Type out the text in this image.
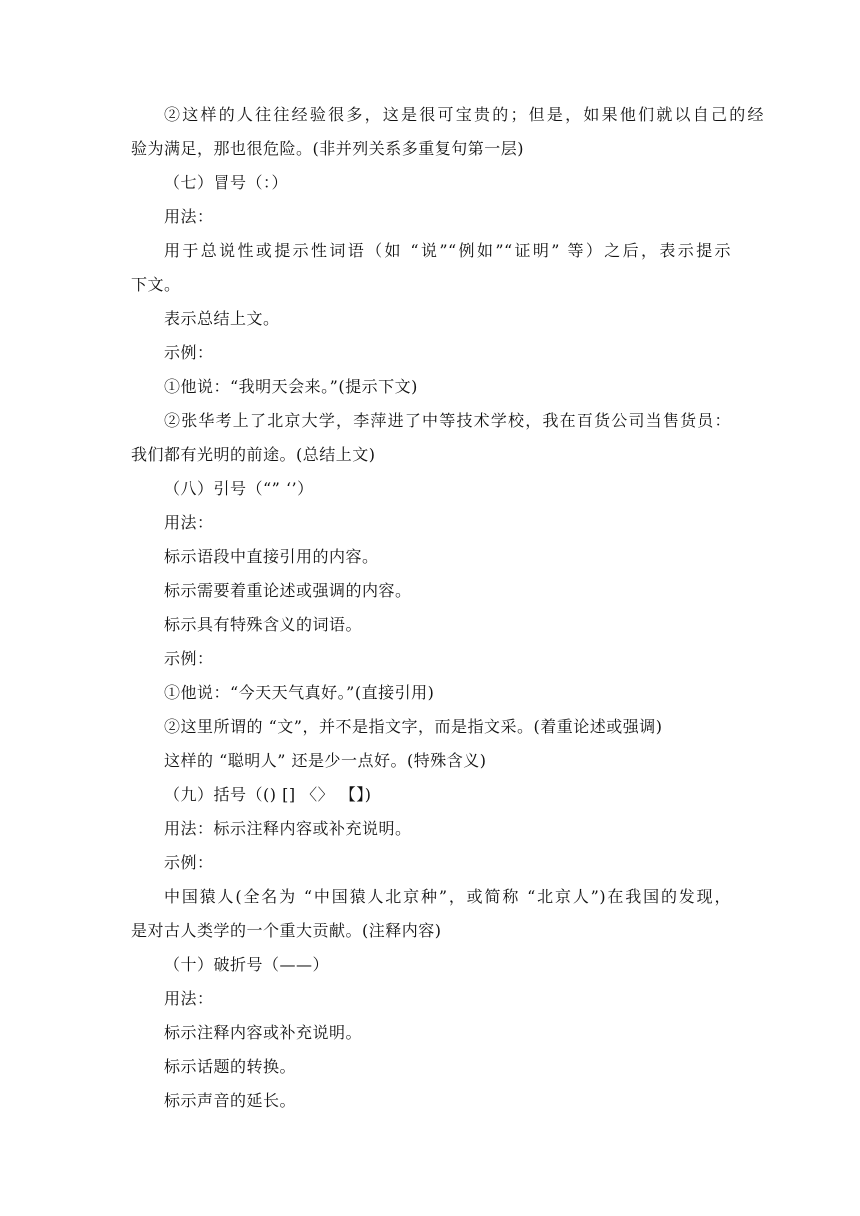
②这样的人往往经验很多，这是很可宝贵的；但是，如果他们就以自己的经
验为满足，那也很危险。(非并列关系多重复句第一层)
（七）冒号（：）
用法：
用于总说性或提示性词语（如 “说”“例如”“证明” 等）之后，表示提示
下文。
表示总结上文。
示例：
①他说：“我明天会来。”(提示下文)
②张华考上了北京大学，李萍进了中等技术学校，我在百货公司当售货员：
我们都有光明的前途。(总结上文)
（八）引号（“” ‘’）
用法：
标示语段中直接引用的内容。
标示需要着重论述或强调的内容。
标示具有特殊含义的词语。
示例：
①他说：“今天天气真好。”(直接引用)
②这里所谓的 “文”，并不是指文字，而是指文采。(着重论述或强调)
这样的 “聪明人” 还是少一点好。(特殊含义)
（九）括号（() [] 〈〉 【】)
用法：标示注释内容或补充说明。
示例：
中国猿人(全名为 “中国猿人北京种”，或简称 “北京人”)在我国的发现，
是对古人类学的一个重大贡献。(注释内容)
（十）破折号（——）
用法：
标示注释内容或补充说明。
标示话题的转换。
标示声音的延长。
